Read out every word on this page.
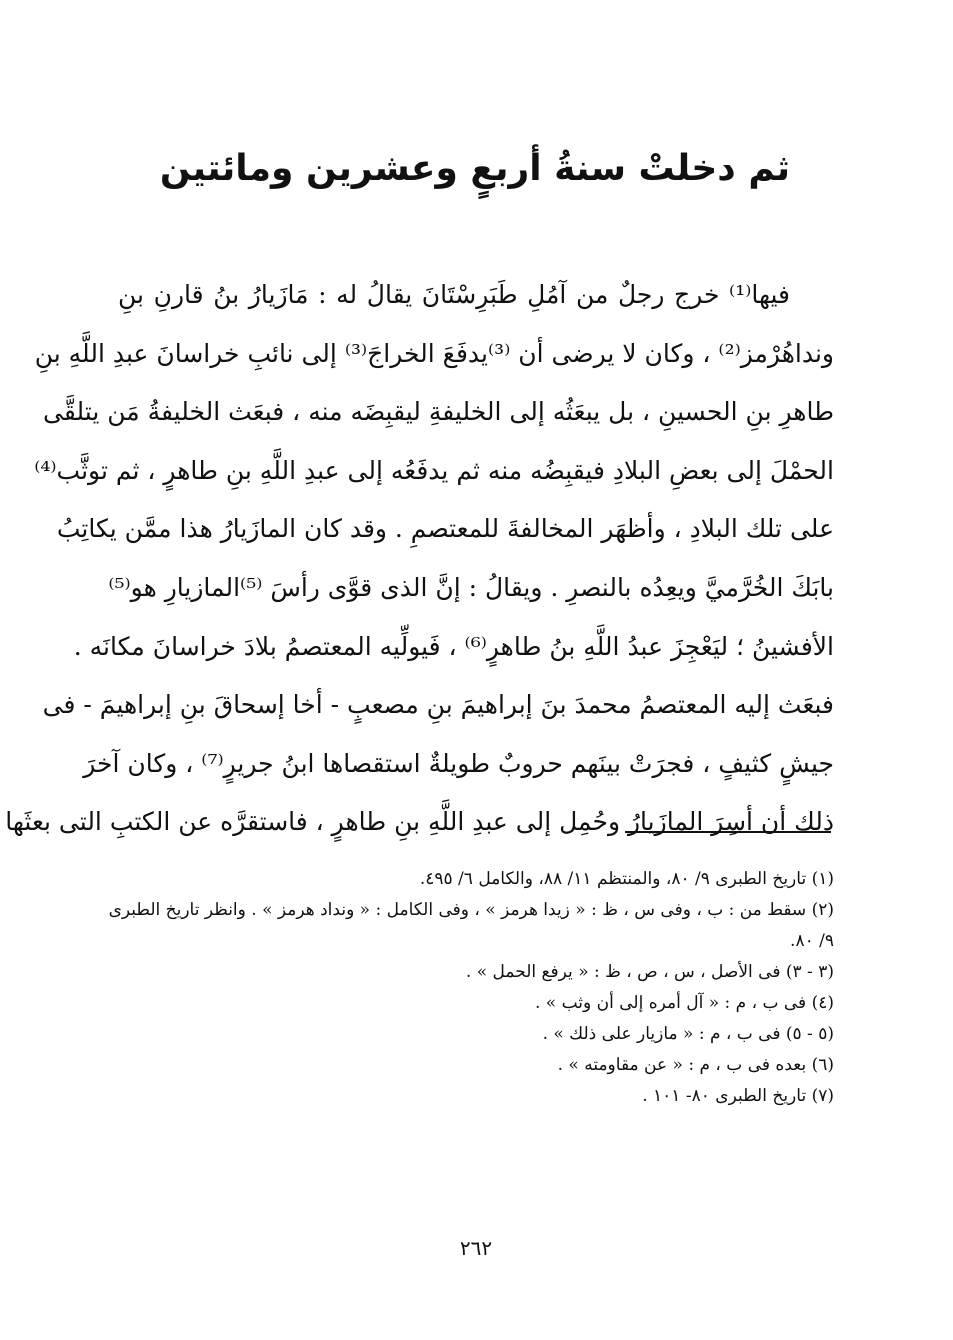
ثم دخلتْ سنةُ أربعٍ وعشرين ومائتين
فيها⁽¹⁾ خرج رجلٌ من آمُلِ طَبَرِسْتَانَ يقالُ له : مَازَيارُ بنُ قارنِ بنِ
ونداهُرْمز⁽²⁾ ، وكان لا يرضى أن ⁽³⁾يدفَعَ الخراجَ⁽³⁾ إلى نائبِ خراسانَ عبدِ اللَّهِ بنِ
طاهرِ بنِ الحسينِ ، بل يبعَثُه إلى الخليفةِ ليقبِضَه منه ، فبعَث الخليفةُ مَن يتلقَّى
الحمْلَ إلى بعضِ البلادِ فيقبِضُه منه ثم يدفَعُه إلى عبدِ اللَّهِ بنِ طاهرٍ ، ثم توثَّب⁽⁴⁾
على تلك البلادِ ، وأظهَر المخالفةَ للمعتصمِ . وقد كان المازَيارُ هذا ممَّن يكاتِبُ
بابَكَ الخُرَّميَّ ويعِدُه بالنصرِ . ويقالُ : إنَّ الذى قوَّى رأسَ ⁽⁵⁾المازيارِ هو⁽⁵⁾
الأفشينُ ؛ ليَعْجِزَ عبدُ اللَّهِ بنُ طاهرٍ⁽⁶⁾ ، فَيولِّيه المعتصمُ بلادَ خراسانَ مكانَه .
فبعَث إليه المعتصمُ محمدَ بنَ إبراهيمَ بنِ مصعبٍ - أخا إسحاقَ بنِ إبراهيمَ - فى
جيشٍ كثيفٍ ، فجرَتْ بينَهم حروبٌ طويلةٌ استقصاها ابنُ جريرٍ⁽⁷⁾ ، وكان آخرَ
ذلك أن أسِرَ المازَيارُ وحُمِل إلى عبدِ اللَّهِ بنِ طاهرٍ ، فاستقرَّه عن الكتبِ التى بعثَها
(١) تاريخ الطبرى ٩/ ٨٠، والمنتظم ١١/ ٨٨، والكامل ٦/ ٤٩٥.
(٢) سقط من : ب ، وفى س ، ظ : « زيدا هرمز » ، وفى الكامل : « ونداد هرمز » . وانظر تاريخ الطبرى
٩/ ٨٠.
(٣ - ٣) فى الأصل ، س ، ص ، ظ : « يرفع الحمل » .
(٤) فى ب ، م : « آل أمره إلى أن وثب » .
(٥ - ٥) فى ب ، م : « مازيار على ذلك » .
(٦) بعده فى ب ، م : « عن مقاومته » .
(٧) تاريخ الطبرى ٨٠- ١٠١ .
٢٦٢
